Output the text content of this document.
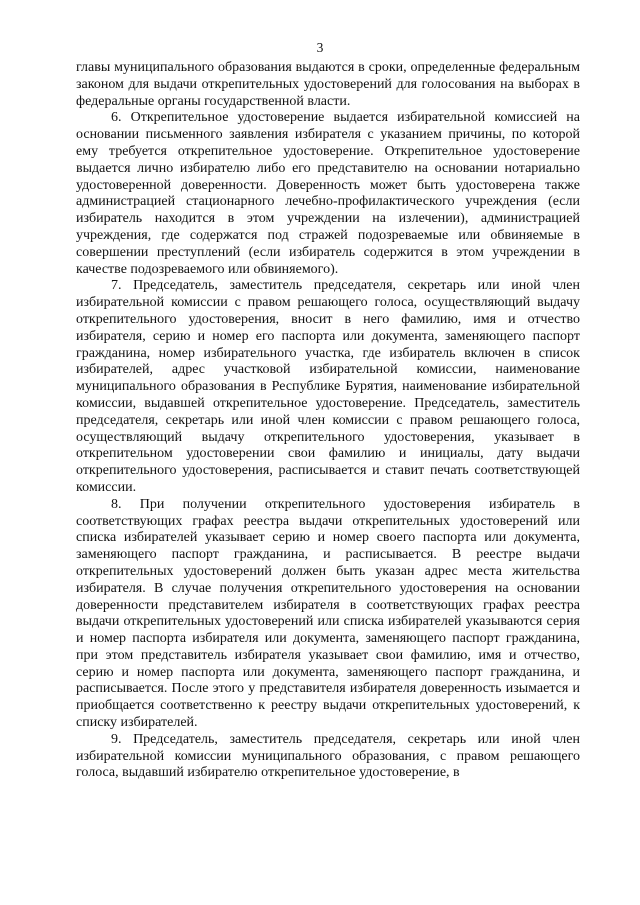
3

главы муниципального образования выдаются в сроки, определенные федеральным законом для выдачи открепительных удостоверений для голосования на выборах в федеральные органы государственной власти.

6. Открепительное удостоверение выдается избирательной комиссией на основании письменного заявления избирателя с указанием причины, по которой ему требуется открепительное удостоверение. Открепительное удостоверение выдается лично избирателю либо его представителю на основании нотариально удостоверенной доверенности. Доверенность может быть удостоверена также администрацией стационарного лечебно-профилактического учреждения (если избиратель находится в этом учреждении на излечении), администрацией учреждения, где содержатся под стражей подозреваемые или обвиняемые в совершении преступлений (если избиратель содержится в этом учреждении в качестве подозреваемого или обвиняемого).

7. Председатель, заместитель председателя, секретарь или иной член избирательной комиссии с правом решающего голоса, осуществляющий выдачу открепительного удостоверения, вносит в него фамилию, имя и отчество избирателя, серию и номер его паспорта или документа, заменяющего паспорт гражданина, номер избирательного участка, где избиратель включен в список избирателей, адрес участковой избирательной комиссии, наименование муниципального образования в Республике Бурятия, наименование избирательной комиссии, выдавшей открепительное удостоверение. Председатель, заместитель председателя, секретарь или иной член комиссии с правом решающего голоса, осуществляющий выдачу открепительного удостоверения, указывает в открепительном удостоверении свои фамилию и инициалы, дату выдачи открепительного удостоверения, расписывается и ставит печать соответствующей комиссии.

8. При получении открепительного удостоверения избиратель в соответствующих графах реестра выдачи открепительных удостоверений или списка избирателей указывает серию и номер своего паспорта или документа, заменяющего паспорт гражданина, и расписывается. В реестре выдачи открепительных удостоверений должен быть указан адрес места жительства избирателя. В случае получения открепительного удостоверения на основании доверенности представителем избирателя в соответствующих графах реестра выдачи открепительных удостоверений или списка избирателей указываются серия и номер паспорта избирателя или документа, заменяющего паспорт гражданина, при этом представитель избирателя указывает свои фамилию, имя и отчество, серию и номер паспорта или документа, заменяющего паспорт гражданина, и расписывается. После этого у представителя избирателя доверенность изымается и приобщается соответственно к реестру выдачи открепительных удостоверений, к списку избирателей.

9. Председатель, заместитель председателя, секретарь или иной член избирательной комиссии муниципального образования, с правом решающего голоса, выдавший избирателю открепительное удостоверение, в
